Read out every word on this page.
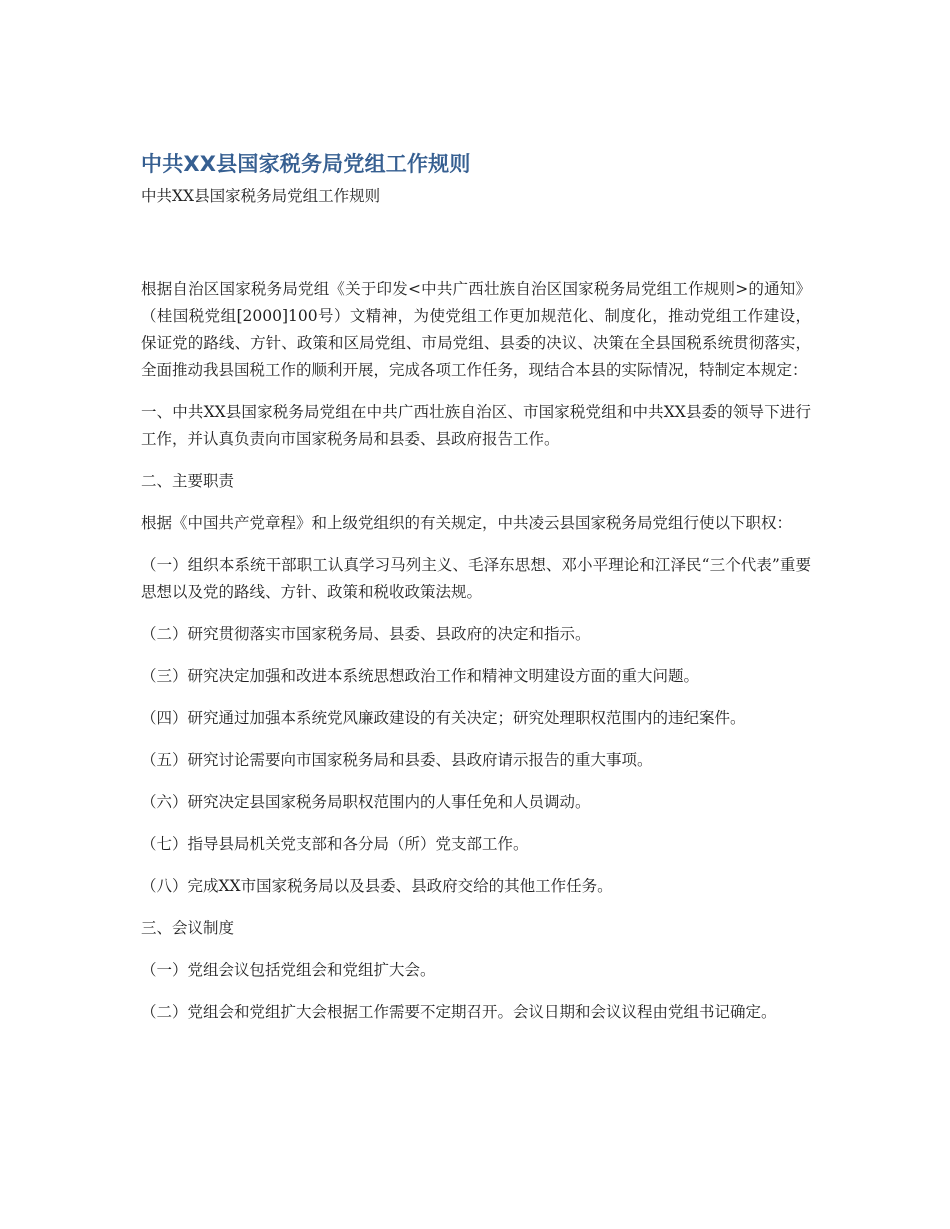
中共XX县国家税务局党组工作规则
中共XX县国家税务局党组工作规则

根据自治区国家税务局党组《关于印发<中共广西壮族自治区国家税务局党组工作规则>的通知》（桂国税党组[2000]100号）文精神，为使党组工作更加规范化、制度化，推动党组工作建设，保证党的路线、方针、政策和区局党组、市局党组、县委的决议、决策在全县国税系统贯彻落实，全面推动我县国税工作的顺利开展，完成各项工作任务，现结合本县的实际情况，特制定本规定：

一、中共XX县国家税务局党组在中共广西壮族自治区、市国家税党组和中共XX县委的领导下进行工作，并认真负责向市国家税务局和县委、县政府报告工作。

二、主要职责

根据《中国共产党章程》和上级党组织的有关规定，中共凌云县国家税务局党组行使以下职权：

（一）组织本系统干部职工认真学习马列主义、毛泽东思想、邓小平理论和江泽民“三个代表”重要思想以及党的路线、方针、政策和税收政策法规。

（二）研究贯彻落实市国家税务局、县委、县政府的决定和指示。

（三）研究决定加强和改进本系统思想政治工作和精神文明建设方面的重大问题。

（四）研究通过加强本系统党风廉政建设的有关决定；研究处理职权范围内的违纪案件。

（五）研究讨论需要向市国家税务局和县委、县政府请示报告的重大事项。

（六）研究决定县国家税务局职权范围内的人事任免和人员调动。

（七）指导县局机关党支部和各分局（所）党支部工作。

（八）完成XX市国家税务局以及县委、县政府交给的其他工作任务。

三、会议制度

（一）党组会议包括党组会和党组扩大会。

（二）党组会和党组扩大会根据工作需要不定期召开。会议日期和会议议程由党组书记确定。
